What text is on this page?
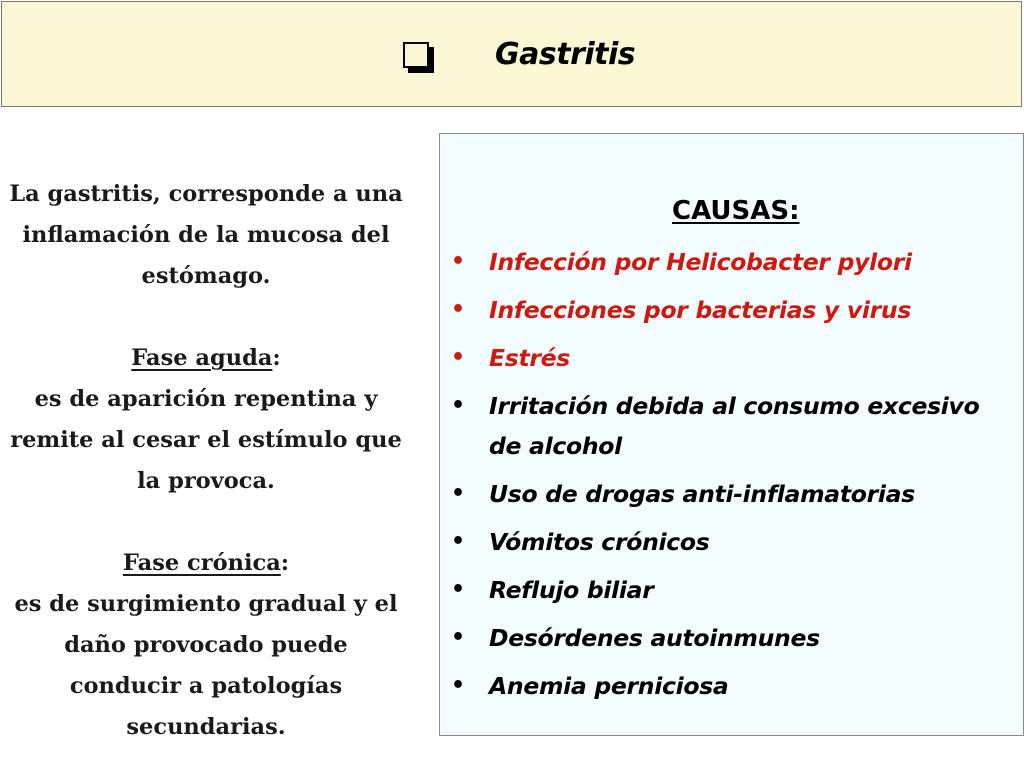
Gastritis

La gastritis, corresponde a una inflamación de la mucosa del estómago.

Fase aguda:

es de aparición repentina y remite al cesar el estímulo que la provoca.

Fase crónica:

es de surgimiento gradual y el daño provocado puede conducir a patologías secundarias.

CAUSAS:
• Infección por Helicobacter pylori
• Infecciones por bacterias y virus
• Estrés
• Irritación debida al consumo excesivo de alcohol
• Uso de drogas anti-inflamatorias
• Vómitos crónicos
• Reflujo biliar
• Desórdenes autoinmunes
• Anemia perniciosa
